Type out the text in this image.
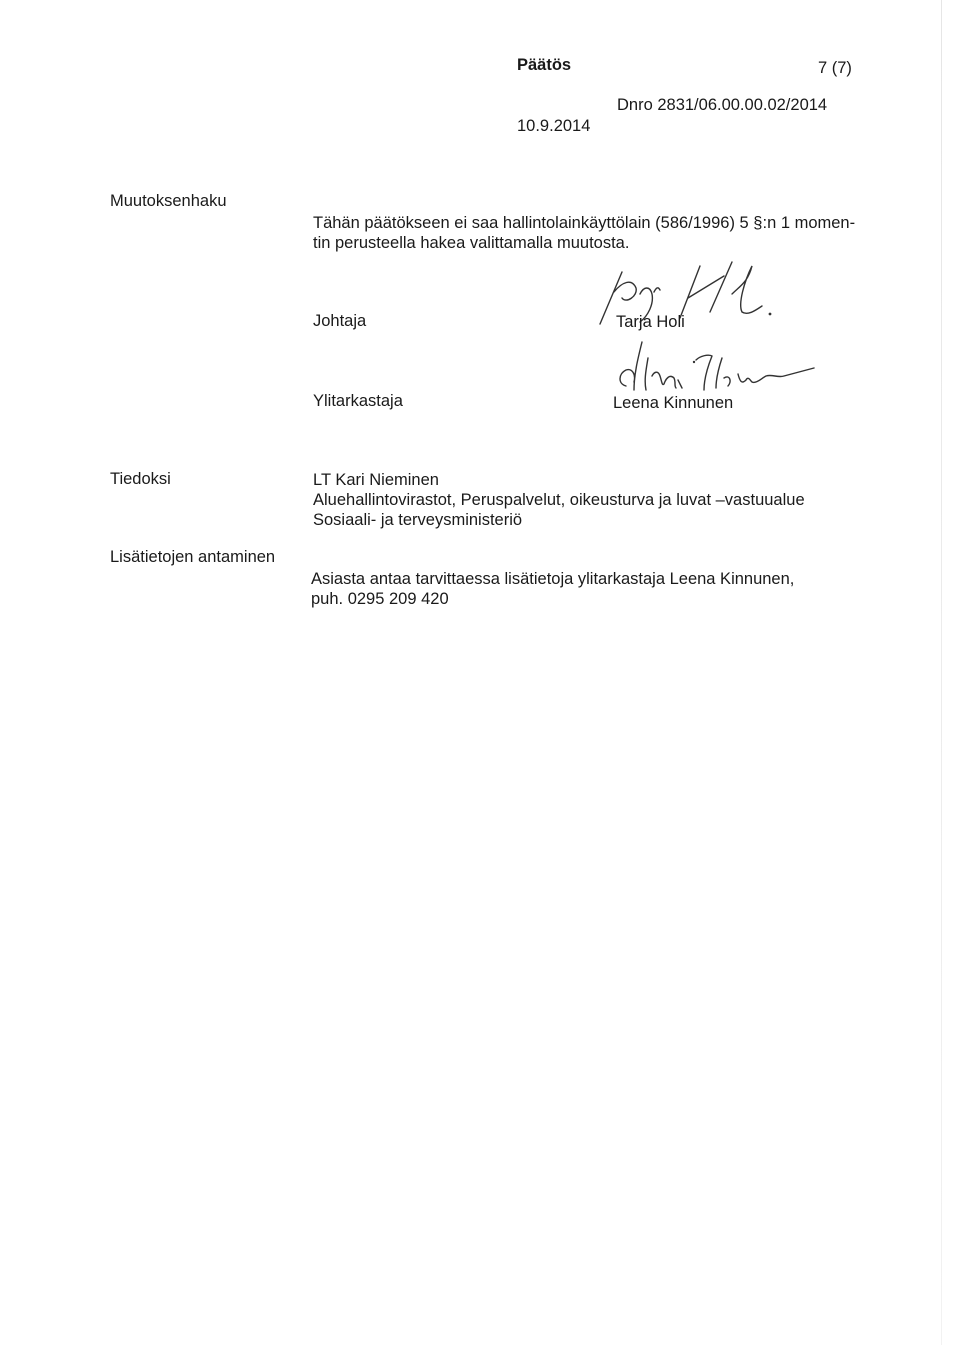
Päätös	7 (7)
Dnro 2831/06.00.00.02/2014
10.9.2014
Muutoksenhaku
Tähän päätökseen ei saa hallintolainkäyttölain (586/1996) 5 §:n 1 momen-
tin perusteella hakea valittamalla muutosta.
Johtaja	Tarja Holi
Ylitarkastaja	Leena Kinnunen
Tiedoksi	LT Kari Nieminen
Aluehallintovirastot, Peruspalvelut, oikeusturva ja luvat –vastuualue
Sosiaali- ja terveysministeriö
Lisätietojen antaminen
Asiasta antaa tarvittaessa lisätietoja ylitarkastaja Leena Kinnunen,
puh. 0295 209 420
